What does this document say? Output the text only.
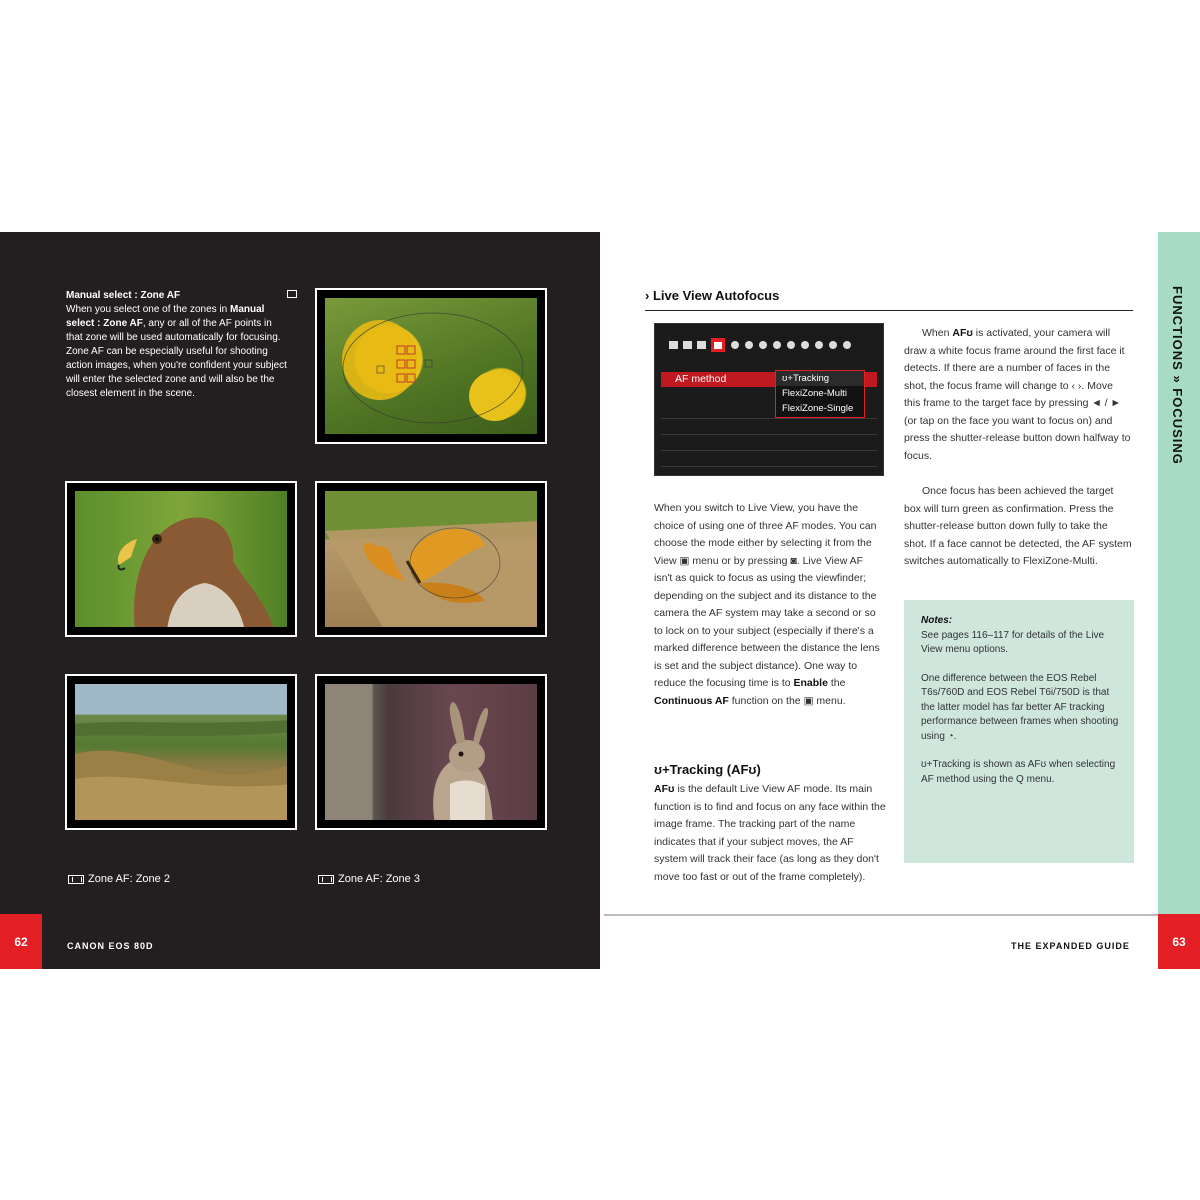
Manual select : Zone AF
When you select one of the zones in Manual select : Zone AF, any or all of the AF points in that zone will be used automatically for focusing. Zone AF can be especially useful for shooting action images, when you're confident your subject will enter the selected zone and will also be the closest element in the scene.
Zone AF: Zone 2	Zone AF: Zone 3
Zone AF: Zone 4	Zone AF: Zone 5
62	CANON EOS 80D
FUNCTIONS » FOCUSING
› Live View Autofocus
AF method	ʊ+Tracking
FlexiZone-Multi
FlexiZone-Single
When you switch to Live View, you have the choice of using one of three AF modes. You can choose the mode either by selecting it from the View ▣ menu or by pressing ◙. Live View AF isn't as quick to focus as using the viewfinder; depending on the subject and its distance to the camera the AF system may take a second or so to lock on to your subject (especially if there's a marked difference between the distance the lens is set and the subject distance). One way to reduce the focusing time is to Enable the Continuous AF function on the ▣ menu.
ʊ+Tracking (AFʊ)
AFʊ is the default Live View AF mode. Its main function is to find and focus on any face within the image frame. The tracking part of the name indicates that if your subject moves, the AF system will track their face (as long as they don't move too fast or out of the frame completely).
When AFʊ is activated, your camera will draw a white focus frame around the first face it detects. If there are a number of faces in the shot, the focus frame will change to ‹ ›. Move this frame to the target face by pressing ◄ / ► (or tap on the face you want to focus on) and press the shutter-release button down halfway to focus.
Once focus has been achieved the target box will turn green as confirmation. Press the shutter-release button down fully to take the shot. If a face cannot be detected, the AF system switches automatically to FlexiZone-Multi.
Notes:
See pages 116–117 for details of the Live View menu options.
One difference between the EOS Rebel T6s/760D and EOS Rebel T6i/750D is that the latter model has far better AF tracking performance between frames when shooting using ◔.
ʊ+Tracking is shown as AFʊ when selecting AF method using the Q menu.
THE EXPANDED GUIDE	63
